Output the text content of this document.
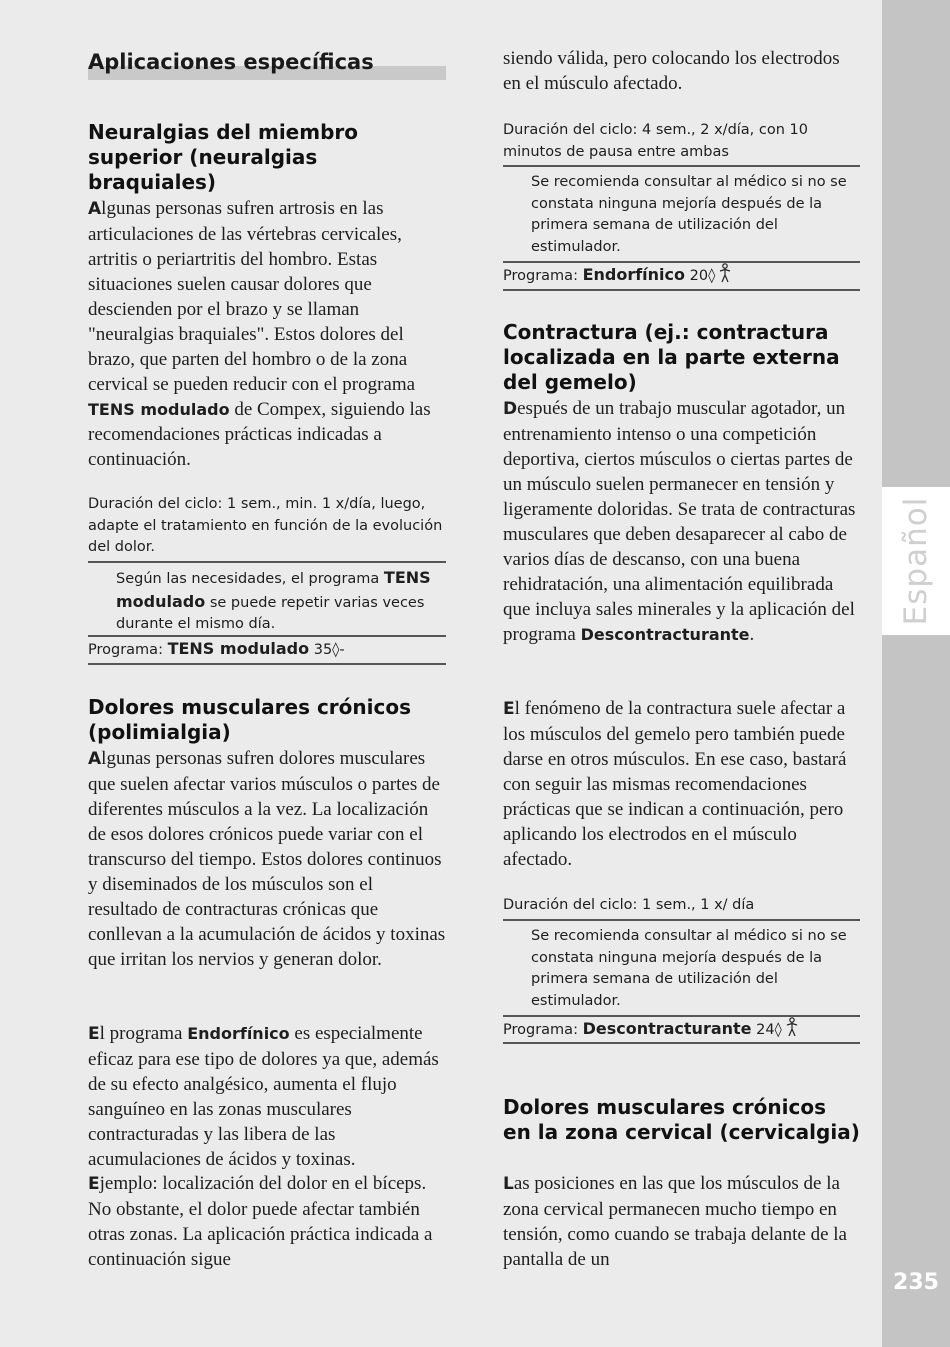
Español
235
Aplicaciones específicas
Neuralgias del miembro superior (neuralgias braquiales)

Algunas personas sufren artrosis en las articulaciones de las vértebras cervicales, artritis o periartritis del hombro. Estas situaciones suelen causar dolores que descienden por el brazo y se llaman "neuralgias braquiales". Estos dolores del brazo, que parten del hombro o de la zona cervical se pueden reducir con el programa TENS modulado de Compex, siguiendo las recomendaciones prácticas indicadas a continuación.

Duración del ciclo: 1 sem., min. 1 x/día, luego, adapte el tratamiento en función de la evolución del dolor.

Según las necesidades, el programa TENS modulado se puede repetir varias veces durante el mismo día.

Programa: TENS modulado 35◊-

Dolores musculares crónicos (polimialgia)

Algunas personas sufren dolores musculares que suelen afectar varios músculos o partes de diferentes músculos a la vez. La localización de esos dolores crónicos puede variar con el transcurso del tiempo. Estos dolores continuos y diseminados de los músculos son el resultado de contracturas crónicas que conllevan a la acumulación de ácidos y toxinas que irritan los nervios y generan dolor.

El programa Endorfínico es especialmente eficaz para ese tipo de dolores ya que, además de su efecto analgésico, aumenta el flujo sanguíneo en las zonas musculares contracturadas y las libera de las acumulaciones de ácidos y toxinas.

Ejemplo: localización del dolor en el bíceps. No obstante, el dolor puede afectar también otras zonas. La aplicación práctica indicada a continuación sigue

siendo válida, pero colocando los electrodos en el músculo afectado.

Duración del ciclo: 4 sem., 2 x/día, con 10 minutos de pausa entre ambas

Se recomienda consultar al médico si no se constata ninguna mejoría después de la primera semana de utilización del estimulador.

Programa: Endorfínico 20◊

Contractura (ej.: contractura localizada en la parte externa del gemelo)

Después de un trabajo muscular agotador, un entrenamiento intenso o una competición deportiva, ciertos músculos o ciertas partes de un músculo suelen permanecer en tensión y ligeramente doloridas. Se trata de contracturas musculares que deben desaparecer al cabo de varios días de descanso, con una buena rehidratación, una alimentación equilibrada que incluya sales minerales y la aplicación del programa Descontracturante.

El fenómeno de la contractura suele afectar a los músculos del gemelo pero también puede darse en otros músculos. En ese caso, bastará con seguir las mismas recomendaciones prácticas que se indican a continuación, pero aplicando los electrodos en el músculo afectado.

Duración del ciclo: 1 sem., 1 x/ día

Se recomienda consultar al médico si no se constata ninguna mejoría después de la primera semana de utilización del estimulador.

Programa: Descontracturante 24◊

Dolores musculares crónicos en la zona cervical (cervicalgia)

Las posiciones en las que los músculos de la zona cervical permanecen mucho tiempo en tensión, como cuando se trabaja delante de la pantalla de un
